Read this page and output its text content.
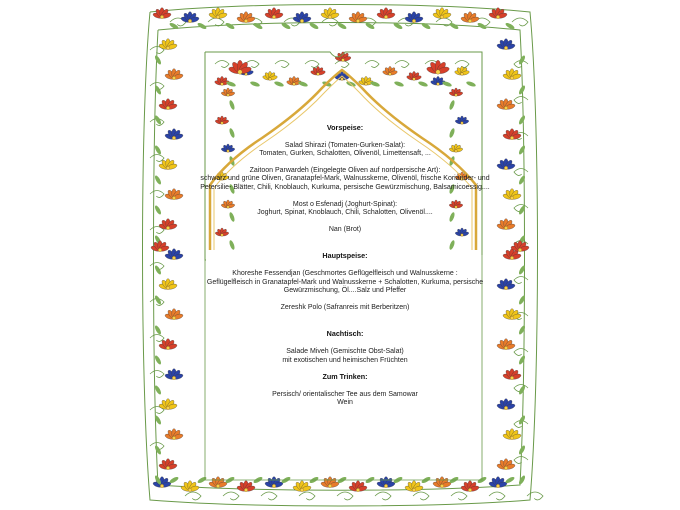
Vorspeise:
Salad Shirazi (Tomaten-Gurken-Salat):
Tomaten, Gurken, Schalotten, Olivenöl, Limettensaft, ...
Zaitoon Parwardeh (Eingelegte Oliven auf nordpersische Art):
schwarz und grüne Oliven, Granatapfel-Mark, Walnusskerne, Olivenöl, frische Koriander- und Petersilie- Blätter, Chili, Knoblauch, Kurkuma, persische Gewürzmischung, Balsamicoessig....
Most o Esfenadj (Joghurt-Spinat):
Joghurt, Spinat, Knoblauch, Chili, Schalotten, Olivenöl....
Nan (Brot)
Hauptspeise:
Khoreshe Fessendjan (Geschmortes Geflügelfleisch und Walnusskerne :
Geflügelfleisch in Granatapfel-Mark und Walnusskerne + Schalotten, Kurkuma, persische Gewürzmischung, Öl....Salz und Pfeffer
Zereshk Polo (Safranreis mit Berberitzen)
Nachtisch:
Salade Miveh (Gemischte Obst-Salat)
mit exotischen und heimischen Früchten
Zum Trinken:
Persisch/ orientalischer Tee aus dem Samowar
Wein
